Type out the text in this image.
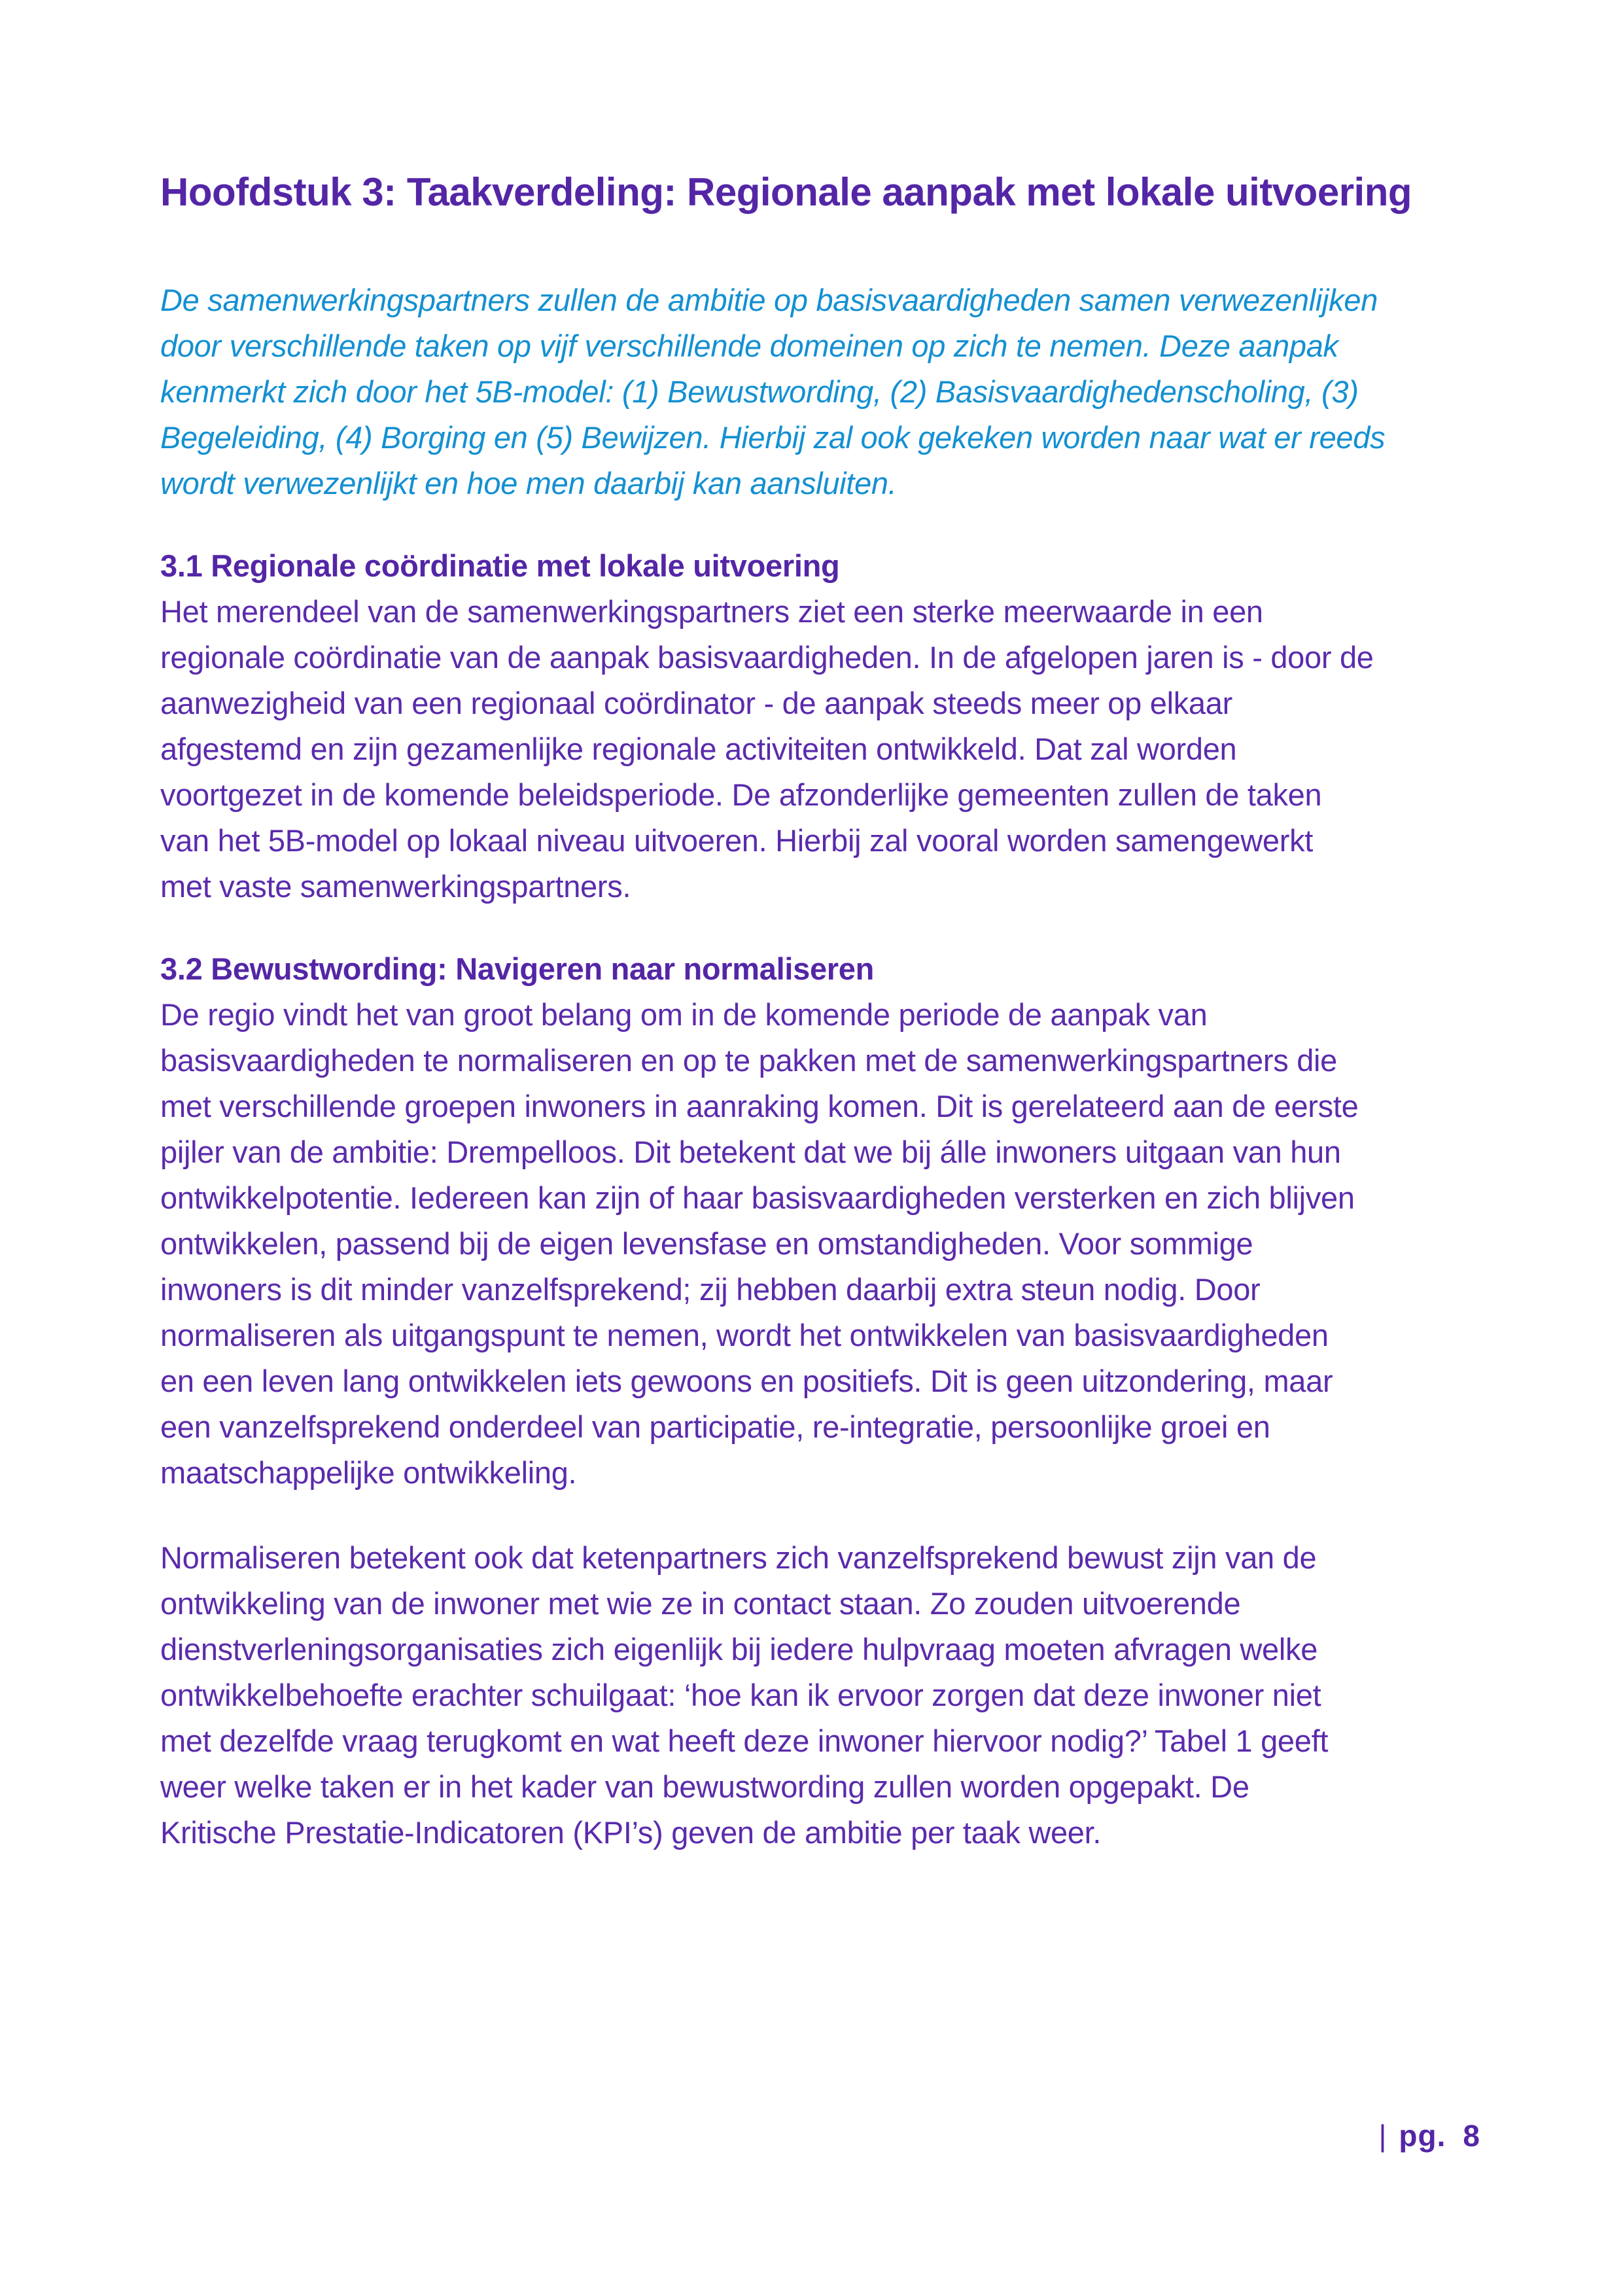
Hoofdstuk 3: Taakverdeling: Regionale aanpak met lokale uitvoering
De samenwerkingspartners zullen de ambitie op basisvaardigheden samen verwezenlijken
door verschillende taken op vijf verschillende domeinen op zich te nemen. Deze aanpak
kenmerkt zich door het 5B-model: (1) Bewustwording, (2) Basisvaardighedenscholing, (3)
Begeleiding, (4) Borging en (5) Bewijzen. Hierbij zal ook gekeken worden naar wat er reeds
wordt verwezenlijkt en hoe men daarbij kan aansluiten.
3.1 Regionale coördinatie met lokale uitvoering
Het merendeel van de samenwerkingspartners ziet een sterke meerwaarde in een
regionale coördinatie van de aanpak basisvaardigheden. In de afgelopen jaren is - door de
aanwezigheid van een regionaal coördinator - de aanpak steeds meer op elkaar
afgestemd en zijn gezamenlijke regionale activiteiten ontwikkeld. Dat zal worden
voortgezet in de komende beleidsperiode. De afzonderlijke gemeenten zullen de taken
van het 5B-model op lokaal niveau uitvoeren. Hierbij zal vooral worden samengewerkt
met vaste samenwerkingspartners.
3.2 Bewustwording: Navigeren naar normaliseren
De regio vindt het van groot belang om in de komende periode de aanpak van
basisvaardigheden te normaliseren en op te pakken met de samenwerkingspartners die
met verschillende groepen inwoners in aanraking komen. Dit is gerelateerd aan de eerste
pijler van de ambitie: Drempelloos. Dit betekent dat we bij álle inwoners uitgaan van hun
ontwikkelpotentie. Iedereen kan zijn of haar basisvaardigheden versterken en zich blijven
ontwikkelen, passend bij de eigen levensfase en omstandigheden. Voor sommige
inwoners is dit minder vanzelfsprekend; zij hebben daarbij extra steun nodig. Door
normaliseren als uitgangspunt te nemen, wordt het ontwikkelen van basisvaardigheden
en een leven lang ontwikkelen iets gewoons en positiefs. Dit is geen uitzondering, maar
een vanzelfsprekend onderdeel van participatie, re-integratie, persoonlijke groei en
maatschappelijke ontwikkeling.
Normaliseren betekent ook dat ketenpartners zich vanzelfsprekend bewust zijn van de
ontwikkeling van de inwoner met wie ze in contact staan. Zo zouden uitvoerende
dienstverleningsorganisaties zich eigenlijk bij iedere hulpvraag moeten afvragen welke
ontwikkelbehoefte erachter schuilgaat: ‘hoe kan ik ervoor zorgen dat deze inwoner niet
met dezelfde vraag terugkomt en wat heeft deze inwoner hiervoor nodig?’ Tabel 1 geeft
weer welke taken er in het kader van bewustwording zullen worden opgepakt. De
Kritische Prestatie-Indicatoren (KPI’s) geven de ambitie per taak weer.
| pg. 8
